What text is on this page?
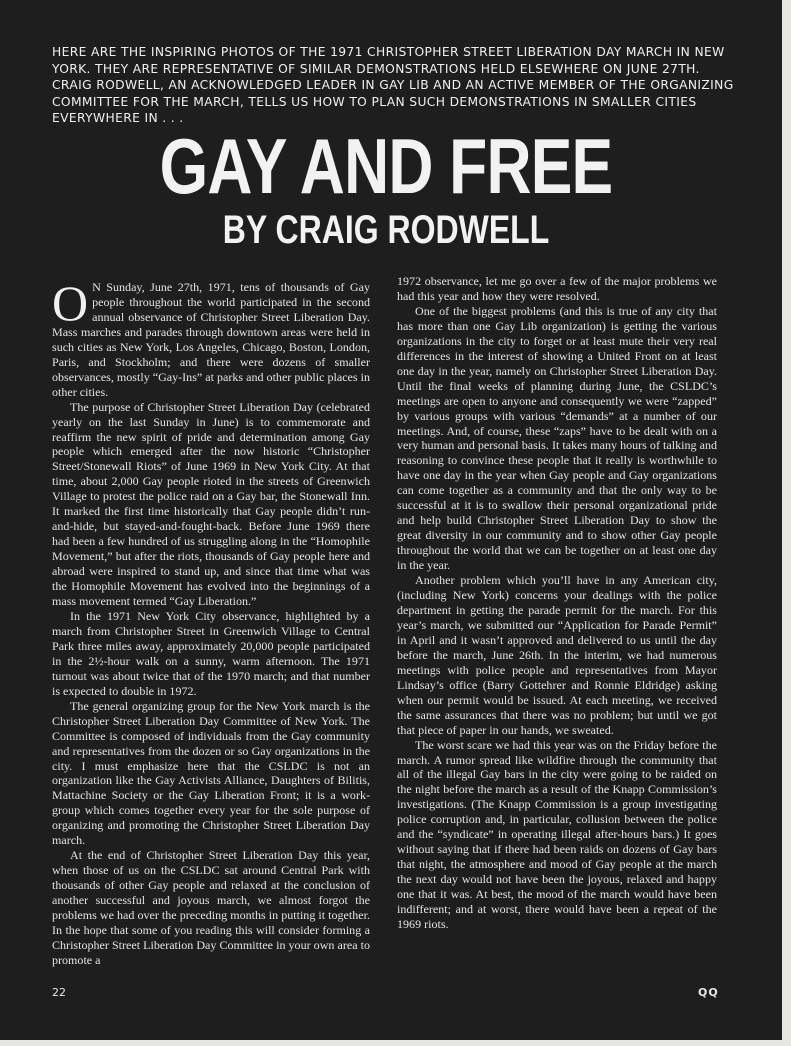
HERE ARE THE INSPIRING PHOTOS OF THE 1971 CHRISTOPHER STREET LIBERATION DAY MARCH IN NEW YORK. THEY ARE REPRESENTATIVE OF SIMILAR DEMONSTRATIONS HELD ELSEWHERE ON JUNE 27TH. CRAIG RODWELL, AN ACKNOWLEDGED LEADER IN GAY LIB AND AN ACTIVE MEMBER OF THE ORGANIZING COMMITTEE FOR THE MARCH, TELLS US HOW TO PLAN SUCH DEMONSTRATIONS IN SMALLER CITIES EVERYWHERE IN . . .
GAY AND FREE
BY CRAIG RODWELL

O N Sunday, June 27th, 1971, tens of thousands of Gay people throughout the world participated in the second annual observance of Christopher Street Liberation Day. Mass marches and parades through downtown areas were held in such cities as New York, Los Angeles, Chicago, Boston, London, Paris, and Stockholm; and there were dozens of smaller observances, mostly “Gay-Ins” at parks and other public places in other cities.

The purpose of Christopher Street Liberation Day (celebrated yearly on the last Sunday in June) is to commemorate and reaffirm the new spirit of pride and determination among Gay people which emerged after the now historic “Christopher Street/Stonewall Riots” of June 1969 in New York City. At that time, about 2,000 Gay people rioted in the streets of Greenwich Village to protest the police raid on a Gay bar, the Stonewall Inn. It marked the first time historically that Gay people didn’t run-and-hide, but stayed-and-fought-back. Before June 1969 there had been a few hundred of us struggling along in the “Homophile Movement,” but after the riots, thousands of Gay people here and abroad were inspired to stand up, and since that time what was the Homophile Movement has evolved into the beginnings of a mass movement termed “Gay Liberation.”

In the 1971 New York City observance, highlighted by a march from Christopher Street in Greenwich Village to Central Park three miles away, approximately 20,000 people participated in the 2½-hour walk on a sunny, warm afternoon. The 1971 turnout was about twice that of the 1970 march; and that number is expected to double in 1972.

The general organizing group for the New York march is the Christopher Street Liberation Day Committee of New York. The Committee is composed of individuals from the Gay community and representatives from the dozen or so Gay organizations in the city. I must emphasize here that the CSLDC is not an organization like the Gay Activists Alliance, Daughters of Bilitis, Mattachine Society or the Gay Liberation Front; it is a work-group which comes together every year for the sole purpose of organizing and promoting the Christopher Street Liberation Day march.

At the end of Christopher Street Liberation Day this year, when those of us on the CSLDC sat around Central Park with thousands of other Gay people and relaxed at the conclusion of another successful and joyous march, we almost forgot the problems we had over the preceding months in putting it together. In the hope that some of you reading this will consider forming a Christopher Street Liberation Day Committee in your own area to promote a

1972 observance, let me go over a few of the major problems we had this year and how they were resolved.

One of the biggest problems (and this is true of any city that has more than one Gay Lib organization) is getting the various organizations in the city to forget or at least mute their very real differences in the interest of showing a United Front on at least one day in the year, namely on Christopher Street Liberation Day. Until the final weeks of planning during June, the CSLDC’s meetings are open to anyone and consequently we were “zapped” by various groups with various “demands” at a number of our meetings. And, of course, these “zaps” have to be dealt with on a very human and personal basis. It takes many hours of talking and reasoning to convince these people that it really is worthwhile to have one day in the year when Gay people and Gay organizations can come together as a community and that the only way to be successful at it is to swallow their personal organizational pride and help build Christopher Street Liberation Day to show the great diversity in our community and to show other Gay people throughout the world that we can be together on at least one day in the year.

Another problem which you’ll have in any American city, (including New York) concerns your dealings with the police department in getting the parade permit for the march. For this year’s march, we submitted our “Application for Parade Permit” in April and it wasn’t approved and delivered to us until the day before the march, June 26th. In the interim, we had numerous meetings with police people and representatives from Mayor Lindsay’s office (Barry Gottehrer and Ronnie Eldridge) asking when our permit would be issued. At each meeting, we received the same assurances that there was no problem; but until we got that piece of paper in our hands, we sweated.

The worst scare we had this year was on the Friday before the march. A rumor spread like wildfire through the community that all of the illegal Gay bars in the city were going to be raided on the night before the march as a result of the Knapp Commission’s investigations. (The Knapp Commission is a group investigating police corruption and, in particular, collusion between the police and the “syndicate” in operating illegal after-hours bars.) It goes without saying that if there had been raids on dozens of Gay bars that night, the atmosphere and mood of Gay people at the march the next day would not have been the joyous, relaxed and happy one that it was. At best, the mood of the march would have been indifferent; and at worst, there would have been a repeat of the 1969 riots.

22	QQ
